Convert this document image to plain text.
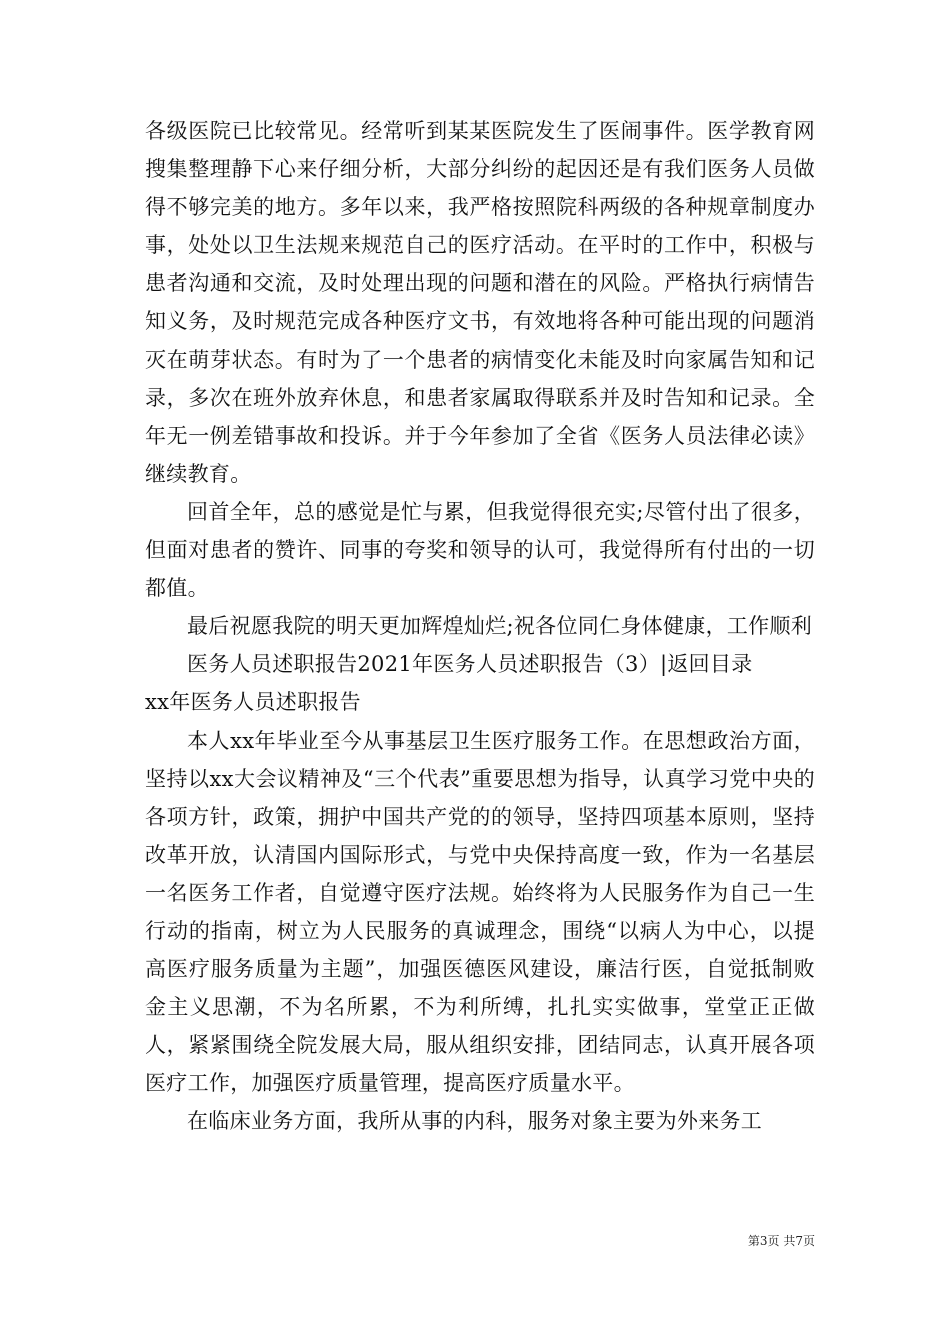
各级医院已比较常见。经常听到某某医院发生了医闹事件。医学教育网搜集整理静下心来仔细分析，大部分纠纷的起因还是有我们医务人员做得不够完美的地方。多年以来，我严格按照院科两级的各种规章制度办事，处处以卫生法规来规范自己的医疗活动。在平时的工作中，积极与患者沟通和交流，及时处理出现的问题和潜在的风险。严格执行病情告知义务，及时规范完成各种医疗文书，有效地将各种可能出现的问题消灭在萌芽状态。有时为了一个患者的病情变化未能及时向家属告知和记录，多次在班外放弃休息，和患者家属取得联系并及时告知和记录。全年无一例差错事故和投诉。并于今年参加了全省《医务人员法律必读》继续教育。

回首全年，总的感觉是忙与累，但我觉得很充实;尽管付出了很多，但面对患者的赞许、同事的夸奖和领导的认可，我觉得所有付出的一切都值。

最后祝愿我院的明天更加辉煌灿烂;祝各位同仁身体健康，工作顺利

医务人员述职报告2021年医务人员述职报告（3）|返回目录

xx年医务人员述职报告

本人xx年毕业至今从事基层卫生医疗服务工作。在思想政治方面，坚持以xx大会议精神及“三个代表”重要思想为指导，认真学习党中央的各项方针，政策，拥护中国共产党的的领导，坚持四项基本原则，坚持改革开放，认清国内国际形式，与党中央保持高度一致，作为一名基层一名医务工作者，自觉遵守医疗法规。始终将为人民服务作为自己一生行动的指南，树立为人民服务的真诚理念，围绕“以病人为中心，以提高医疗服务质量为主题”，加强医德医风建设，廉洁行医，自觉抵制败金主义思潮，不为名所累，不为利所缚，扎扎实实做事，堂堂正正做人，紧紧围绕全院发展大局，服从组织安排，团结同志，认真开展各项医疗工作，加强医疗质量管理，提高医疗质量水平。

在临床业务方面，我所从事的内科，服务对象主要为外来务工

第3页 共7页
